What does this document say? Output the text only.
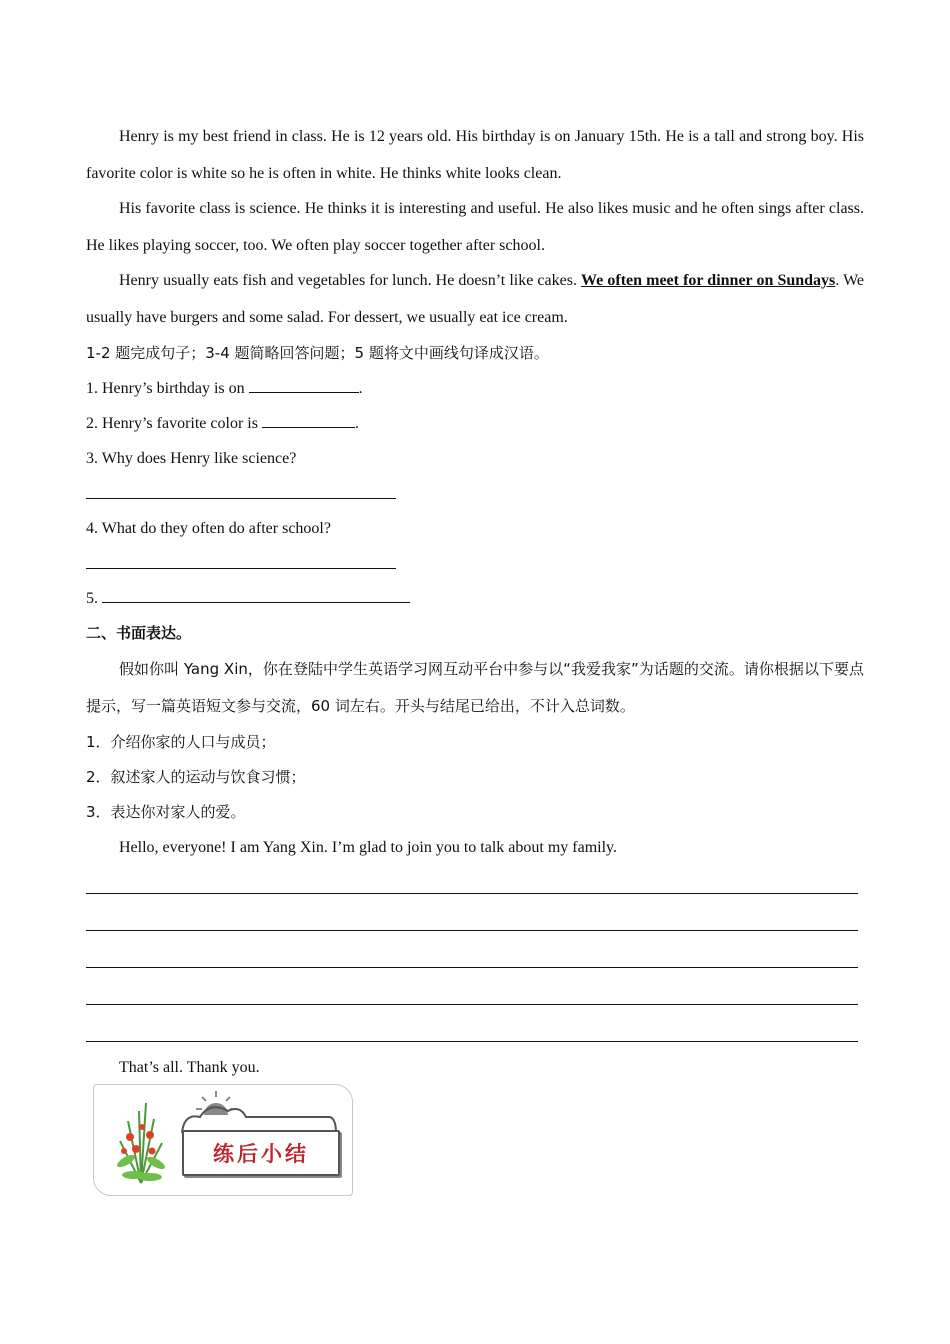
Henry is my best friend in class. He is 12 years old. His birthday is on January 15th. He is a tall and strong boy. His favorite color is white so he is often in white. He thinks white looks clean.

His favorite class is science. He thinks it is interesting and useful. He also likes music and he often sings after class. He likes playing soccer, too. We often play soccer together after school.

Henry usually eats fish and vegetables for lunch. He doesn’t like cakes. We often meet for dinner on Sundays. We usually have burgers and some salad. For dessert, we usually eat ice cream.

1-2 题完成句子；3-4 题简略回答问题；5 题将文中画线句译成汉语。

1. Henry’s birthday is on	.

2. Henry’s favorite color is	.

3. Why does Henry like science?

4. What do they often do after school?

5.

二、书面表达。

假如你叫 Yang Xin，你在登陆中学生英语学习网互动平台中参与以“我爱我家”为话题的交流。请你根据以下要点提示，写一篇英语短文参与交流，60 词左右。开头与结尾已给出，不计入总词数。

1．介绍你家的人口与成员；

2．叙述家人的运动与饮食习惯；

3．表达你对家人的爱。

Hello, everyone! I am Yang Xin. I’m glad to join you to talk about my family.

That’s all. Thank you.

练后小结
